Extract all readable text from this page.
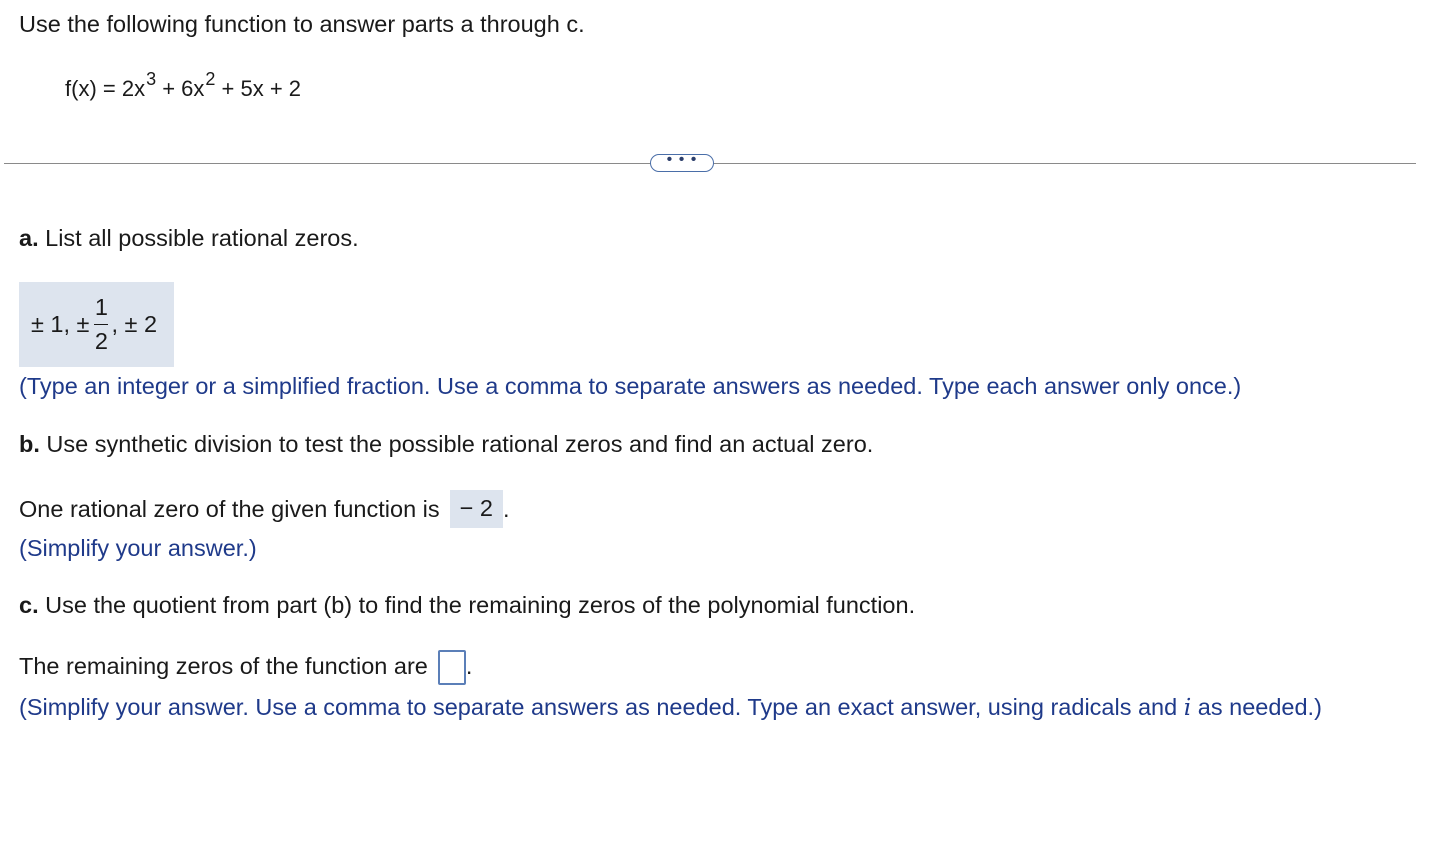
Use the following function to answer parts a through c.
$f(x) = 2x^3 + 6x^2 + 5x + 2$
• • •
a. List all possible rational zeros.
± 1, ± $\frac{1}{2}$ , ± 2
(Type an integer or a simplified fraction. Use a comma to separate answers as needed. Type each answer only once.)
b. Use synthetic division to test the possible rational zeros and find an actual zero.
One rational zero of the given function is − 2 .
(Simplify your answer.)
c. Use the quotient from part (b) to find the remaining zeros of the polynomial function.
The remaining zeros of the function are .
(Simplify your answer. Use a comma to separate answers as needed. Type an exact answer, using radicals and i as needed.)
